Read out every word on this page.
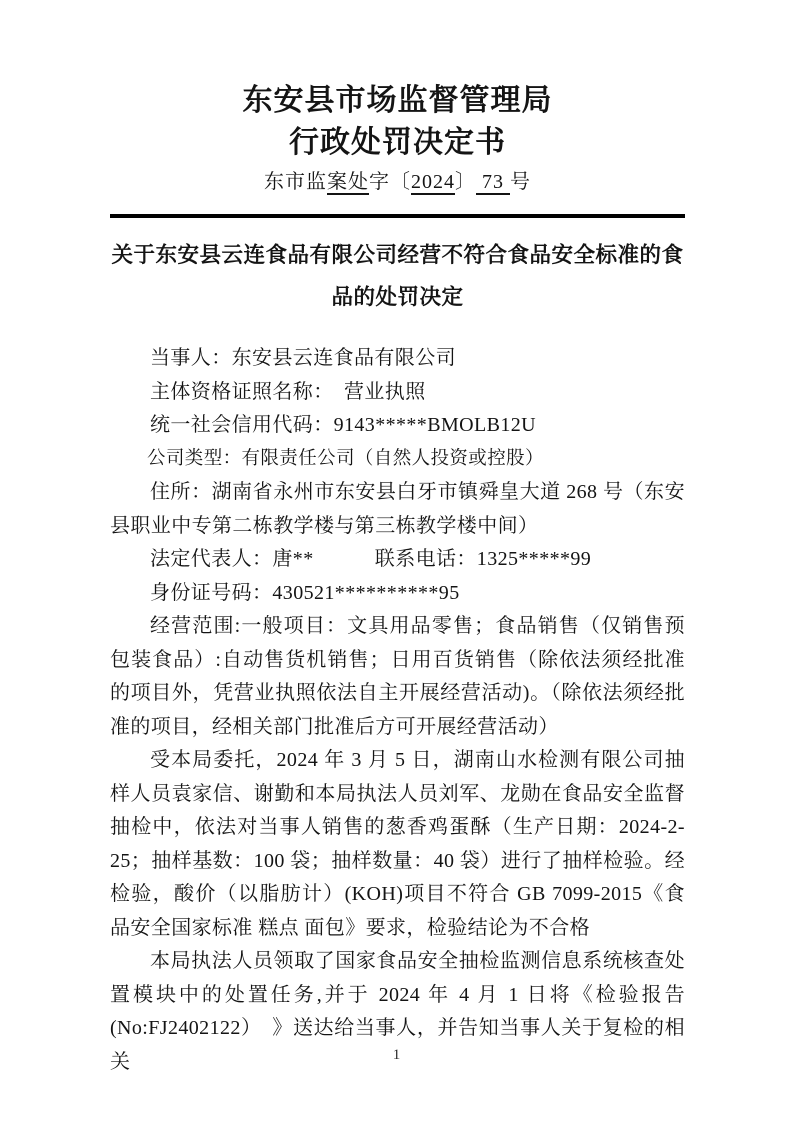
东安县市场监督管理局
行政处罚决定书
东市监案处字〔2024〕 73 号
关于东安县云连食品有限公司经营不符合食品安全标准的食品的处罚决定

当事人：东安县云连食品有限公司

主体资格证照名称：　营业执照

统一社会信用代码：9143*****BMOLB12U

公司类型：有限责任公司（自然人投资或控股）

住所：湖南省永州市东安县白牙市镇舜皇大道 268 号（东安县职业中专第二栋教学楼与第三栋教学楼中间）

法定代表人：唐**　　　联系电话：1325*****99

身份证号码：430521**********95

经营范围:一般项目：文具用品零售；食品销售（仅销售预包装食品）:自动售货机销售；日用百货销售（除依法须经批准的项目外，凭营业执照依法自主开展经营活动)。（除依法须经批准的项目，经相关部门批准后方可开展经营活动）

受本局委托，2024 年 3 月 5 日，湖南山水检测有限公司抽样人员袁家信、谢勤和本局执法人员刘军、龙勋在食品安全监督抽检中，依法对当事人销售的葱香鸡蛋酥（生产日期：2024-2-25；抽样基数：100 袋；抽样数量：40 袋）进行了抽样检验。经检验，酸价（以脂肪计）(KOH)项目不符合 GB 7099-2015《食品安全国家标准 糕点 面包》要求，检验结论为不合格

本局执法人员领取了国家食品安全抽检监测信息系统核查处置模块中的处置任务,并于 2024 年 4 月 1 日将《检验报告(No:FJ2402122）　》送达给当事人，并告知当事人关于复检的相关	1
